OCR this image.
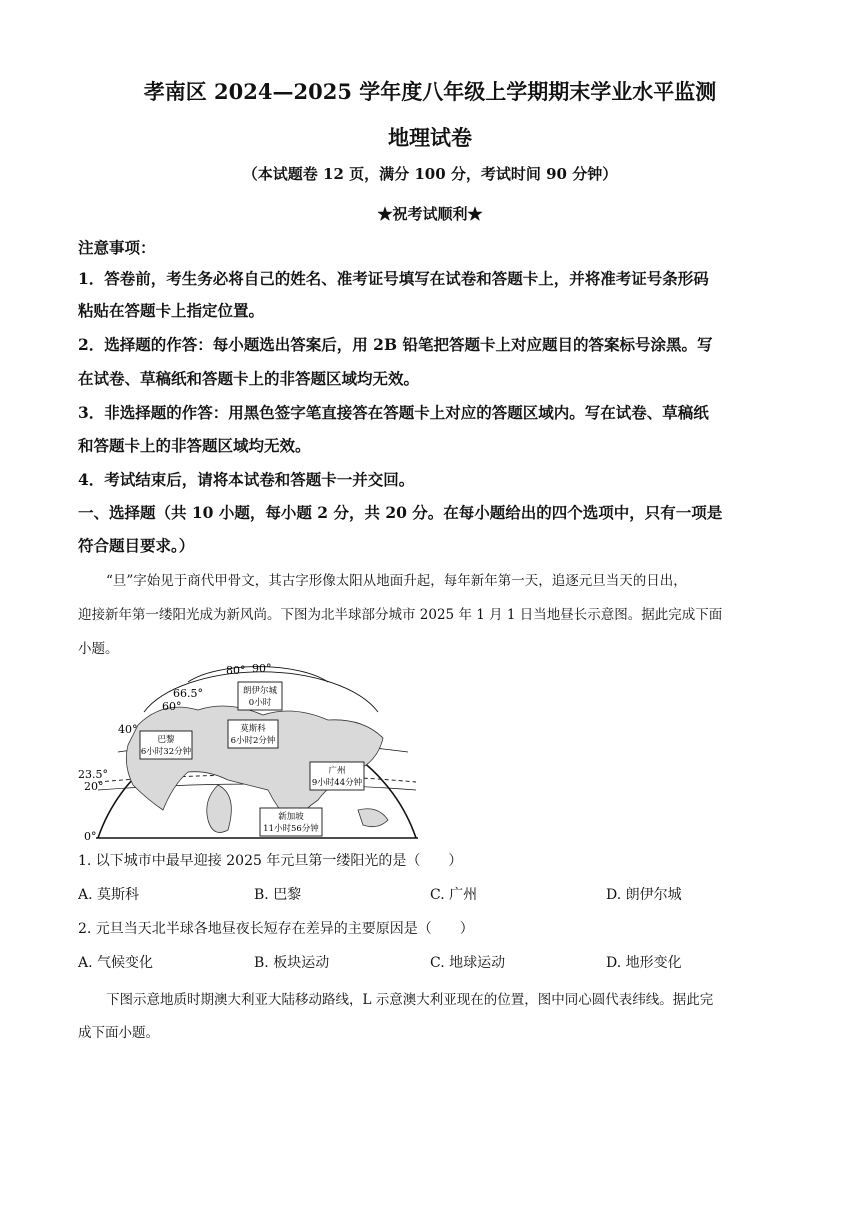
孝南区 2024—2025 学年度八年级上学期期末学业水平监测
地理试卷
（本试题卷 12 页，满分 100 分，考试时间 90 分钟）
★祝考试顺利★
注意事项：
1．答卷前，考生务必将自己的姓名、准考证号填写在试卷和答题卡上，并将准考证号条形码
粘贴在答题卡上指定位置。
2．选择题的作答：每小题选出答案后，用 2B 铅笔把答题卡上对应题目的答案标号涂黑。写
在试卷、草稿纸和答题卡上的非答题区域均无效。
3．非选择题的作答：用黑色签字笔直接答在答题卡上对应的答题区域内。写在试卷、草稿纸
和答题卡上的非答题区域均无效。
4．考试结束后，请将本试卷和答题卡一并交回。
一、选择题（共 10 小题，每小题 2 分，共 20 分。在每小题给出的四个选项中，只有一项是
符合题目要求。）
“旦”字始见于商代甲骨文，其古字形像太阳从地面升起，每年新年第一天，追逐元旦当天的日出，
迎接新年第一缕阳光成为新风尚。下图为北半球部分城市 2025 年 1 月 1 日当地昼长示意图。据此完成下面
小题。
80° 90°
66.5°
60°
40°
23.5°
20°
0°
朗伊尔城
0小时
莫斯科
6小时2分钟
巴黎
6小时32分钟
广州
9小时44分钟
新加坡
11小时56分钟
1. 以下城市中最早迎接 2025 年元旦第一缕阳光的是（　　）
A. 莫斯科	B. 巴黎	C. 广州	D. 朗伊尔城
2. 元旦当天北半球各地昼夜长短存在差异的主要原因是（　　）
A. 气候变化	B. 板块运动	C. 地球运动	D. 地形变化
下图示意地质时期澳大利亚大陆移动路线，L 示意澳大利亚现在的位置，图中同心圆代表纬线。据此完
成下面小题。
